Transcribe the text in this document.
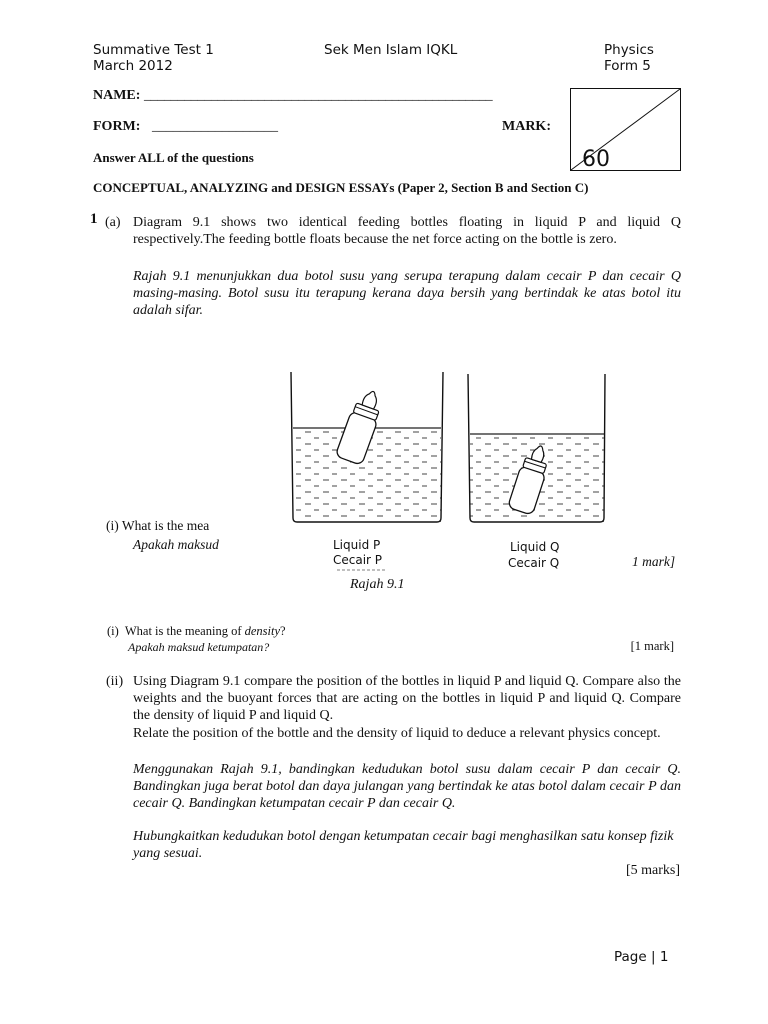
Summative Test 1
March 2012
Sek Men Islam IQKL	Physics
Form 5
NAME: ____________________________________________________
FORM: __________________	MARK:
60
Answer ALL of the questions
CONCEPTUAL, ANALYZING and DESIGN ESSAYs (Paper 2, Section B and Section C)
1 (a) Diagram 9.1 shows two identical feeding bottles floating in liquid P and liquid Q respectively.The feeding bottle floats because the net force acting on the bottle is zero.
Rajah 9.1 menunjukkan dua botol susu yang serupa terapung dalam cecair P dan cecair Q masing-masing. Botol susu itu terapung kerana daya bersih yang bertindak ke atas botol itu adalah sifar.
Liquid P
Cecair P
Liquid Q
Cecair Q
(i) What is the mea
Apakah maksud
1 mark]
Rajah 9.1
(i) What is the meaning of density?
Apakah maksud ketumpatan?	[1 mark]
(ii) Using Diagram 9.1 compare the position of the bottles in liquid P and liquid Q. Compare also the weights and the buoyant forces that are acting on the bottles in liquid P and liquid Q. Compare the density of liquid P and liquid Q.
Relate the position of the bottle and the density of liquid to deduce a relevant physics concept.
Menggunakan Rajah 9.1, bandingkan kedudukan botol susu dalam cecair P dan cecair Q. Bandingkan juga berat botol dan daya julangan yang bertindak ke atas botol dalam cecair P dan cecair Q. Bandingkan ketumpatan cecair P dan cecair Q.
Hubungkaitkan kedudukan botol dengan ketumpatan cecair bagi menghasilkan satu konsep fizik yang sesuai.
[5 marks]
Page | 1
